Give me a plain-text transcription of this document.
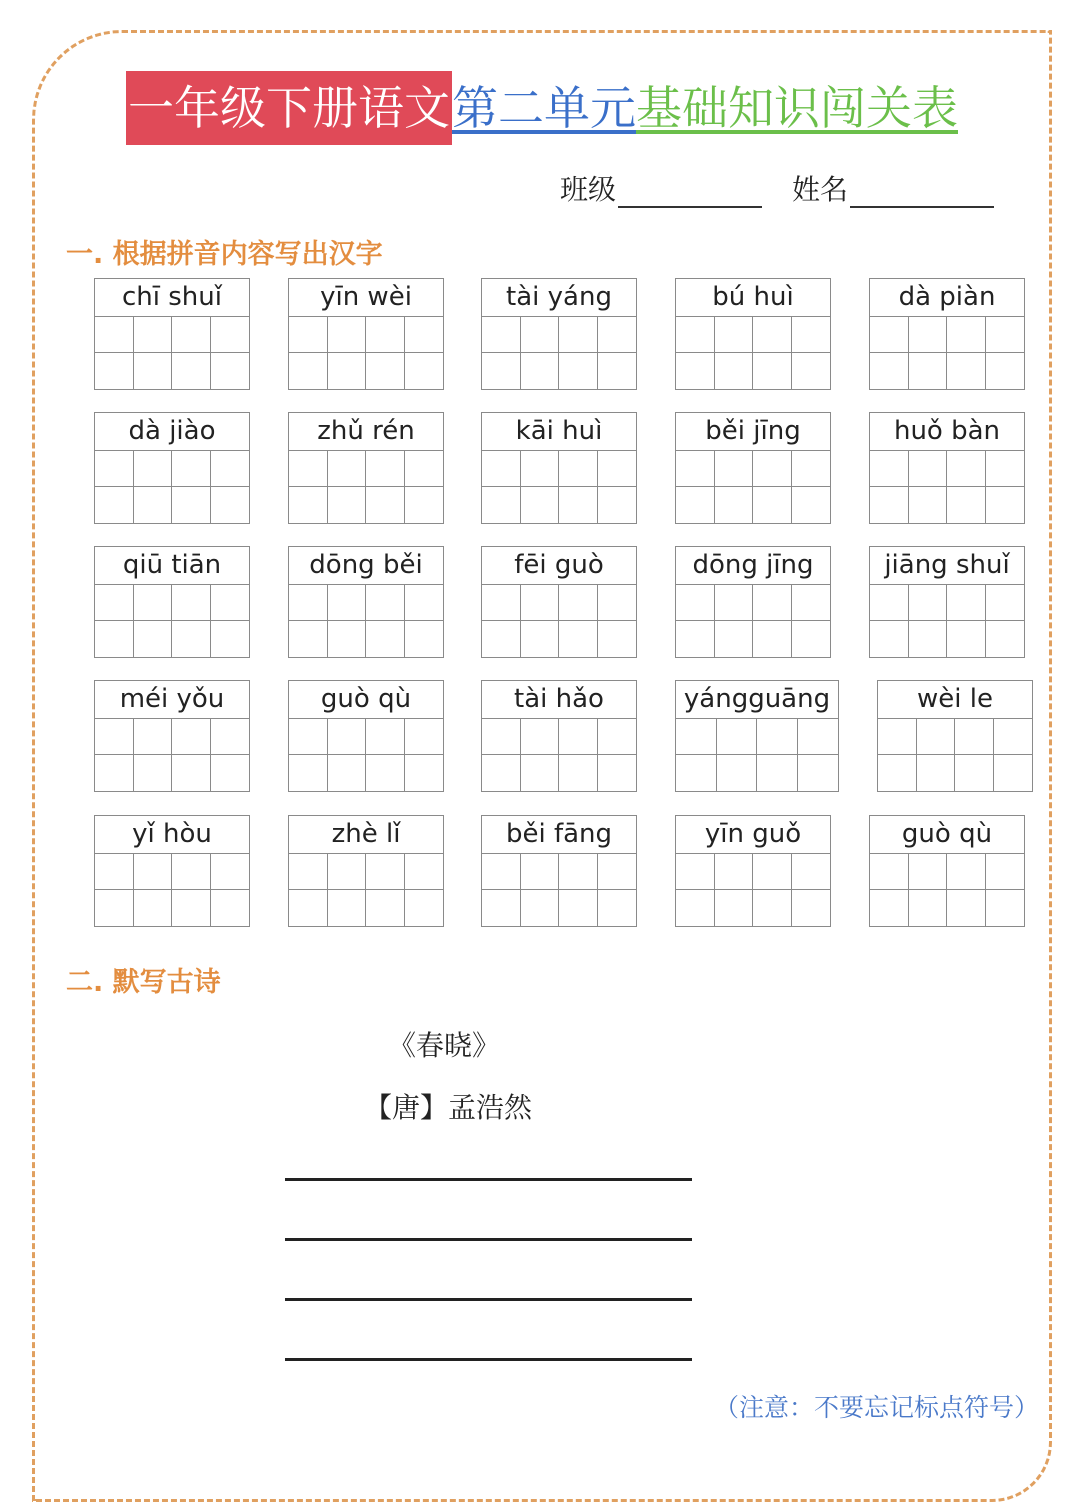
一年级下册语文 第二单元 基础知识闯关表
班级	姓名
一. 根据拼音内容写出汉字
chī shuǐ	yīn wèi	tài yáng	bú huì	dà piàn
dà jiào	zhǔ rén	kāi huì	běi jīng	huǒ bàn
qiū tiān	dōng běi	fēi guò	dōng jīng	jiāng shuǐ
méi yǒu	guò qù	tài hǎo	yángguāng	wèi le
yǐ hòu	zhè lǐ	běi fāng	yīn guǒ	guò qù
二. 默写古诗
《春晓》
【唐】孟浩然
（注意：不要忘记标点符号）
